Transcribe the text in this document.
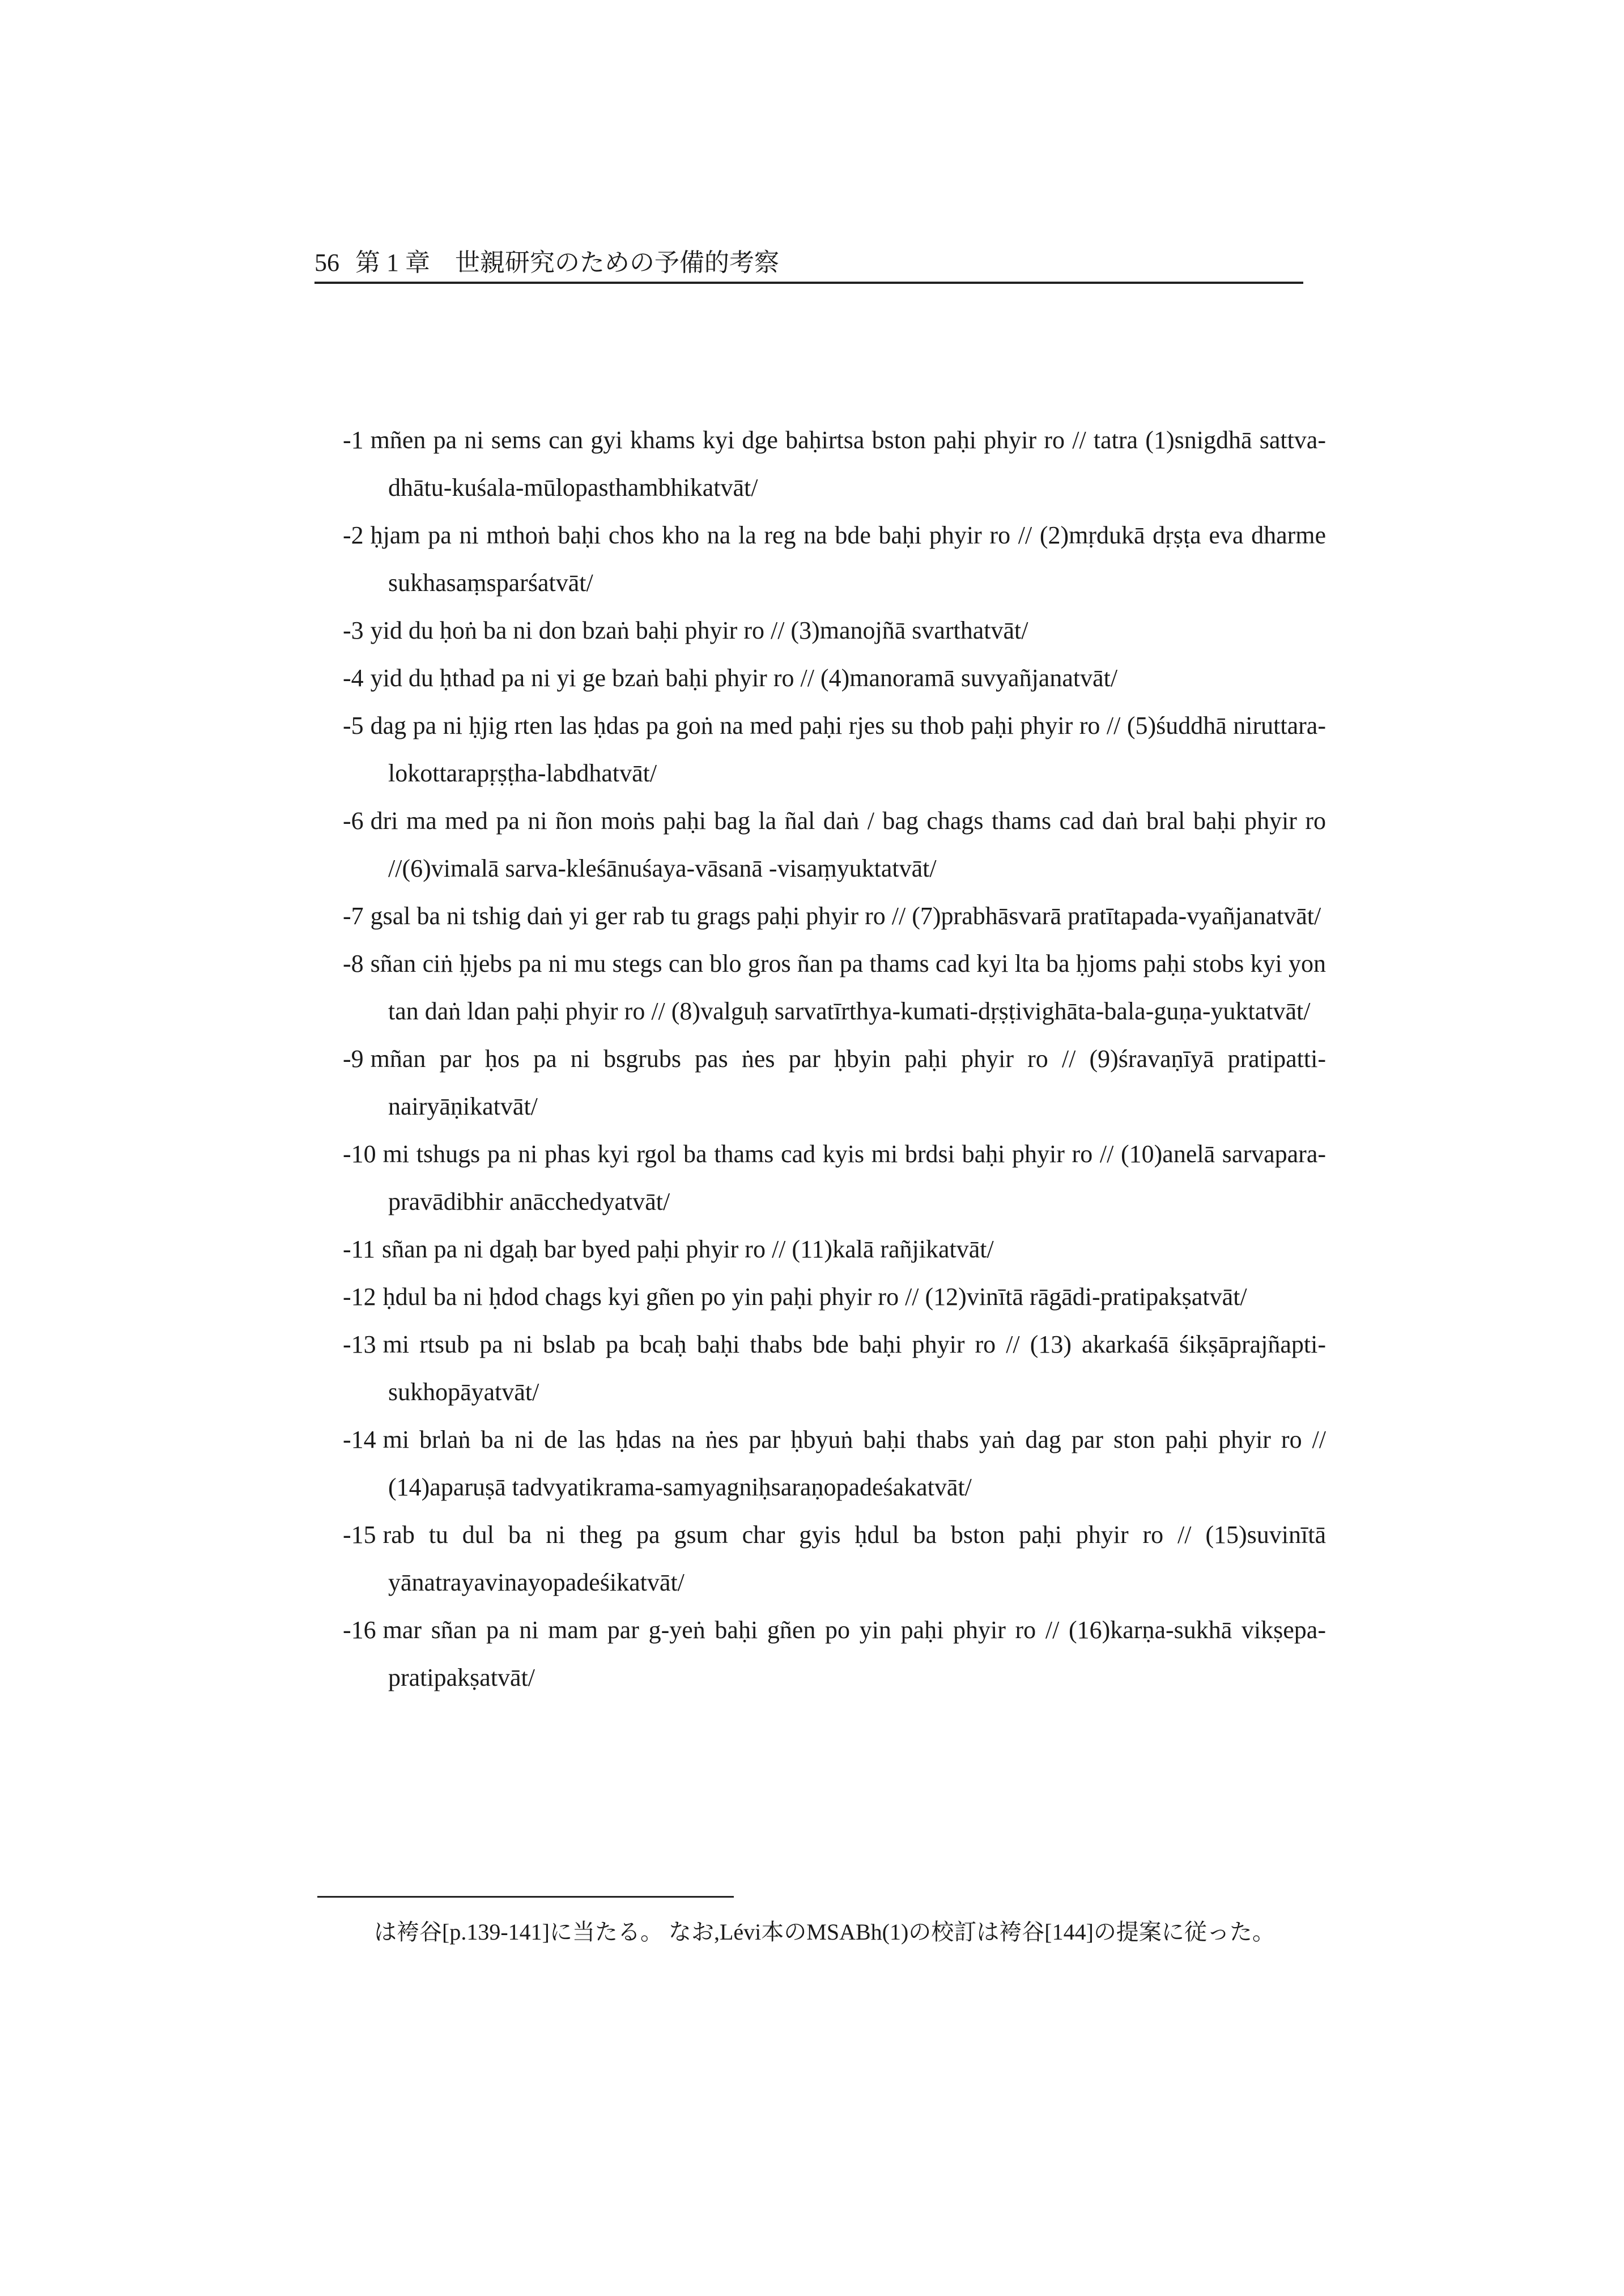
56 第 1 章　世親研究のための予備的考察
-1 mñen pa ni sems can gyi khams kyi dge baḥirtsa bston paḥi phyir ro // tatra (1)snigdhā sattva-dhātu-kuśala-mūlopasthambhikatvāt/
-2 ḥjam pa ni mthoṅ baḥi chos kho na la reg na bde baḥi phyir ro // (2)mṛdukā dṛṣṭa eva dharme sukhasaṃsparśatvāt/
-3 yid du ḥoṅ ba ni don bzaṅ baḥi phyir ro // (3)manojñā svarthatvāt/
-4 yid du ḥthad pa ni yi ge bzaṅ baḥi phyir ro // (4)manoramā suvyañjanatvāt/
-5 dag pa ni ḥjig rten las ḥdas pa goṅ na med paḥi rjes su thob paḥi phyir ro // (5)śuddhā niruttara-lokottarapṛṣṭha-labdhatvāt/
-6 dri ma med pa ni ñon moṅs paḥi bag la ñal daṅ / bag chags thams cad daṅ bral baḥi phyir ro //(6)vimalā sarva-kleśānuśaya-vāsanā -visaṃyuktatvāt/
-7 gsal ba ni tshig daṅ yi ger rab tu grags paḥi phyir ro // (7)prabhāsvarā pratītapada-vyañjanatvāt/
-8 sñan ciṅ ḥjebs pa ni mu stegs can blo gros ñan pa thams cad kyi lta ba ḥjoms paḥi stobs kyi yon tan daṅ ldan paḥi phyir ro // (8)valguḥ sarvatīrthya-kumati-dṛṣṭivighāta-bala-guṇa-yuktatvāt/
-9 mñan par ḥos pa ni bsgrubs pas ṅes par ḥbyin paḥi phyir ro // (9)śravaṇīyā pratipatti-nairyāṇikatvāt/
-10 mi tshugs pa ni phas kyi rgol ba thams cad kyis mi brdsi baḥi phyir ro // (10)anelā sarvapara-pravādibhir anācchedyatvāt/
-11 sñan pa ni dgaḥ bar byed paḥi phyir ro // (11)kalā rañjikatvāt/
-12 ḥdul ba ni ḥdod chags kyi gñen po yin paḥi phyir ro // (12)vinītā rāgādi-pratipakṣatvāt/
-13 mi rtsub pa ni bslab pa bcaḥ baḥi thabs bde baḥi phyir ro // (13) akarkaśā śikṣāprajñapti-sukhopāyatvāt/
-14 mi brlaṅ ba ni de las ḥdas na ṅes par ḥbyuṅ baḥi thabs yaṅ dag par ston paḥi phyir ro // (14)aparuṣā tadvyatikrama-samyagniḥsaraṇopadeśakatvāt/
-15 rab tu dul ba ni theg pa gsum char gyis ḥdul ba bston paḥi phyir ro // (15)suvinītā yānatrayavinayopadeśikatvāt/
-16 mar sñan pa ni mam par g-yeṅ baḥi gñen po yin paḥi phyir ro // (16)karṇa-sukhā vikṣepa-pratipakṣatvāt/
は袴谷[p.139-141]に当たる。 なお,Lévi本のMSABh(1)の校訂は袴谷[144]の提案に従った。
